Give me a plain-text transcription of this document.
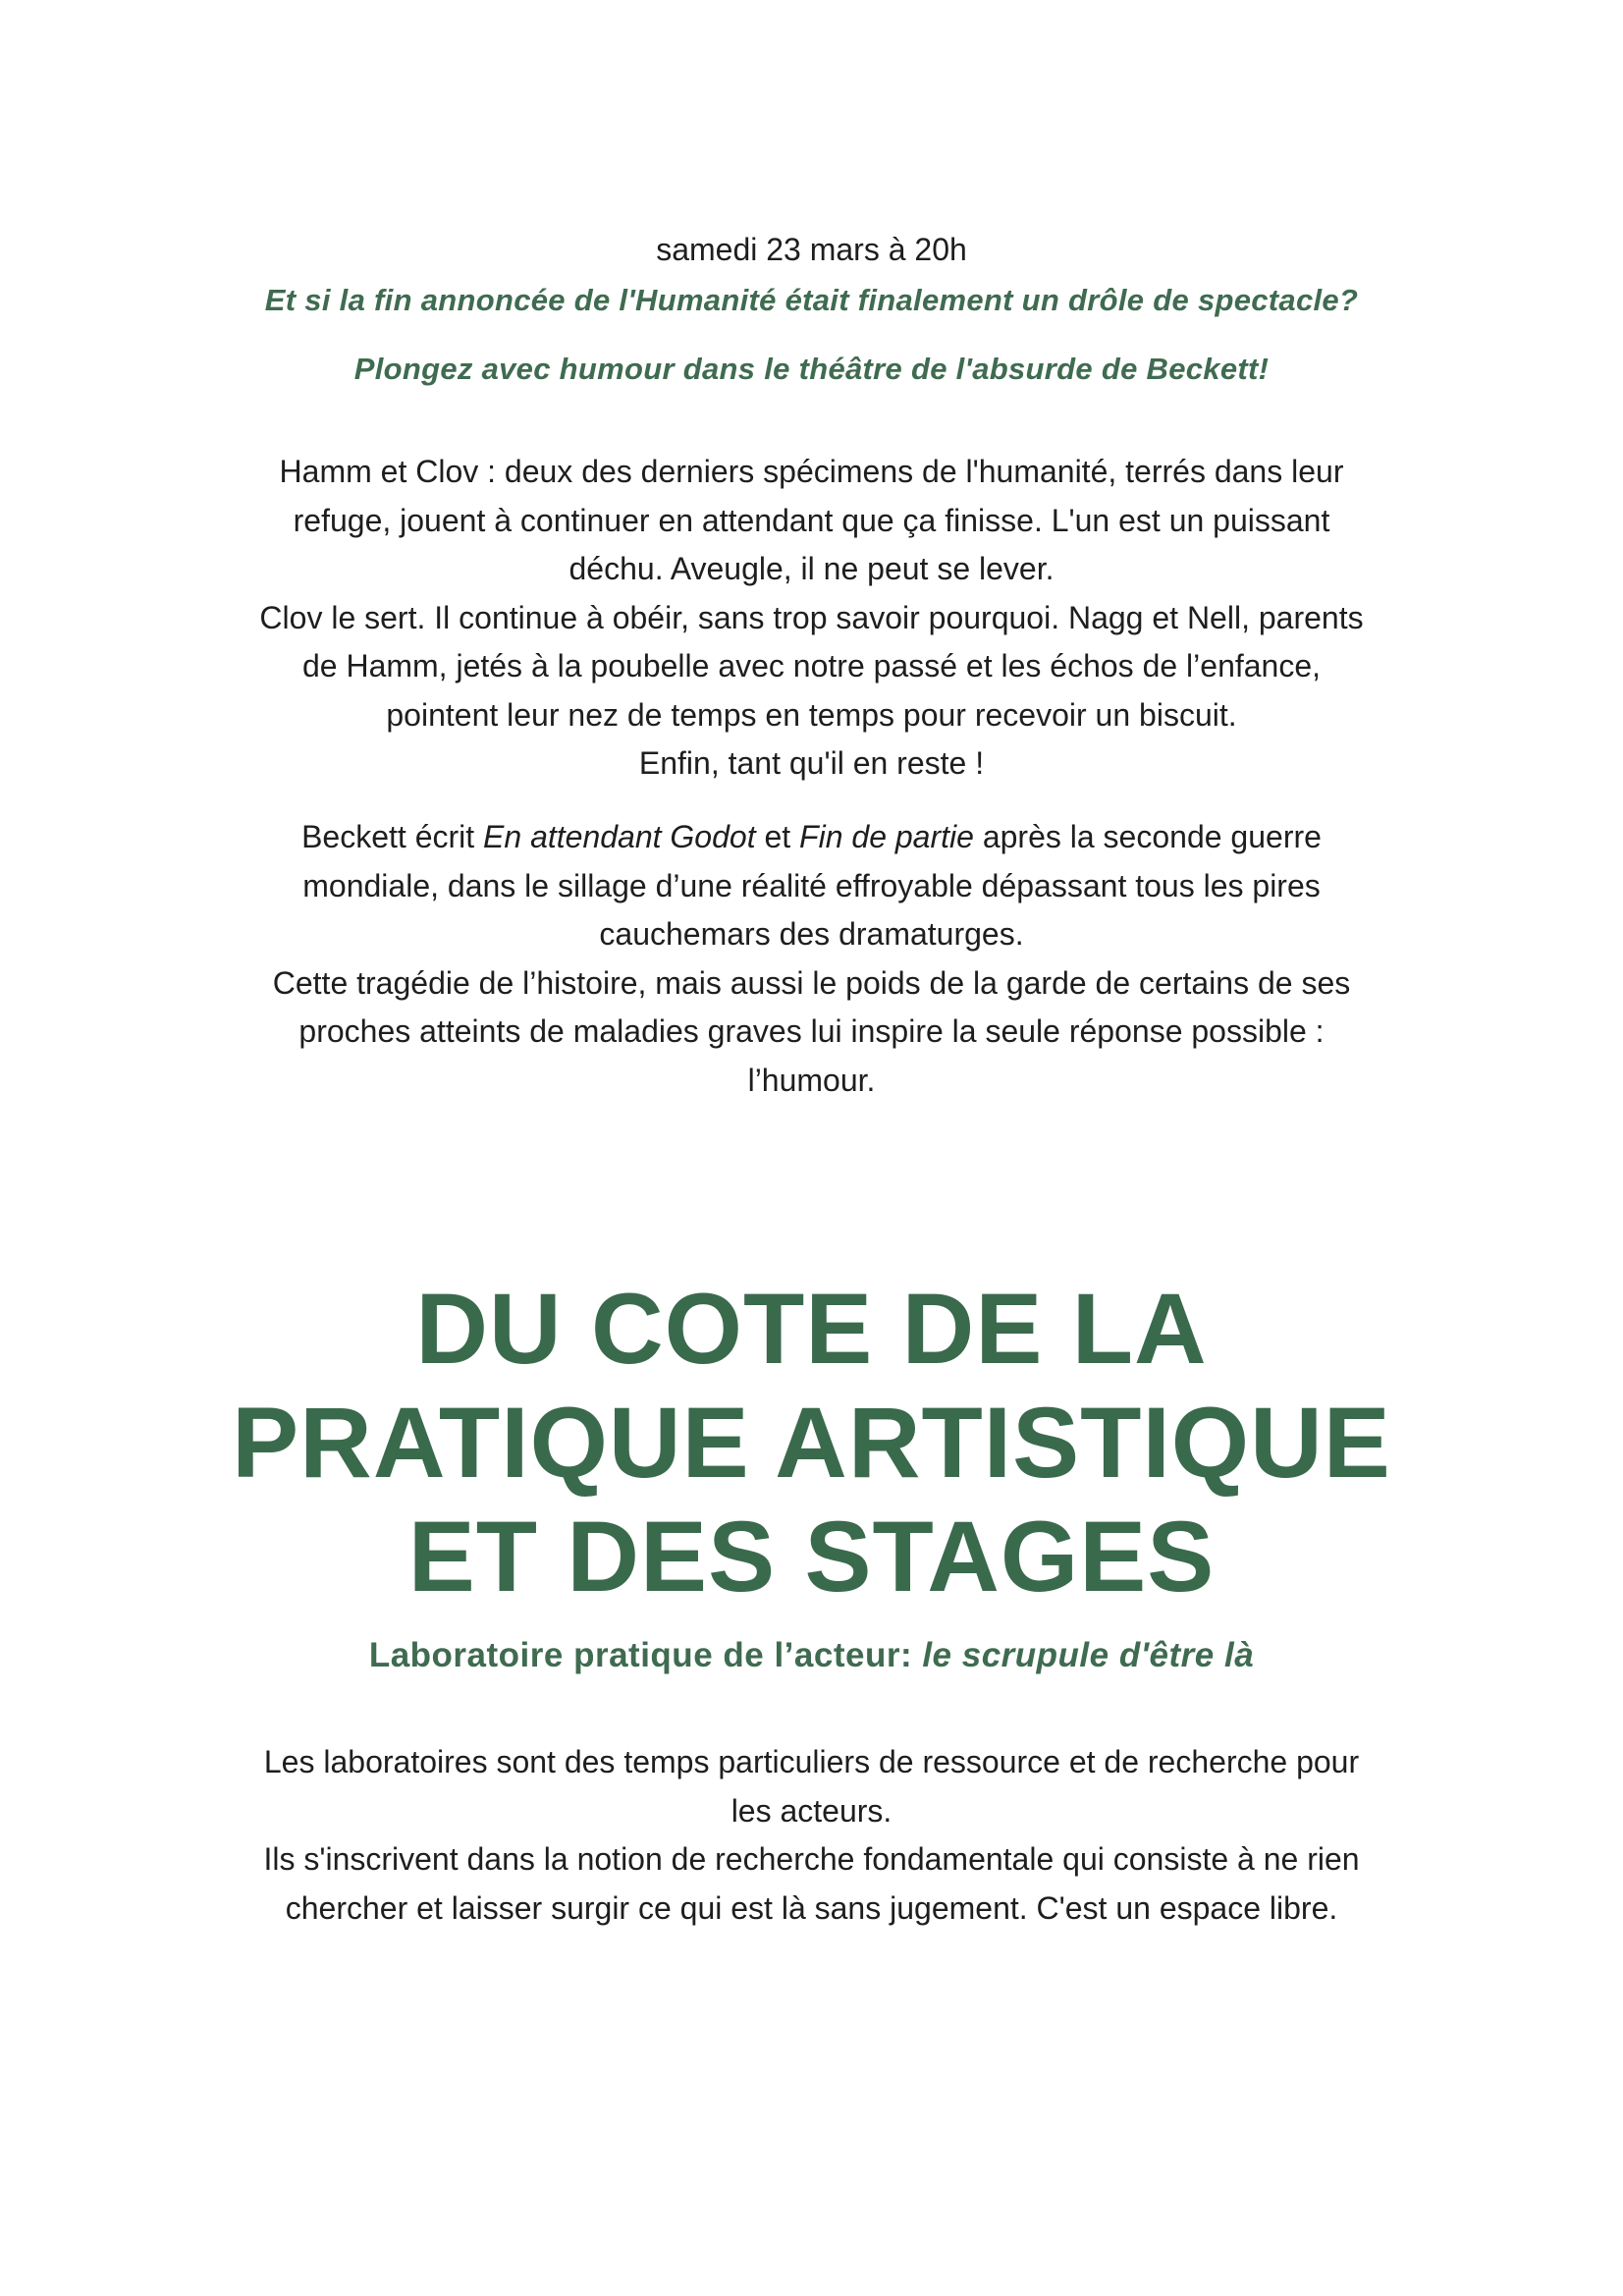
samedi 23 mars à 20h
Et si la fin annoncée de l'Humanité était finalement un drôle de spectacle?
Plongez avec humour dans le théâtre de l'absurde de Beckett!

Hamm et Clov : deux des derniers spécimens de l'humanité, terrés dans leur

refuge, jouent à continuer en attendant que ça finisse. L'un est un puissant

déchu. Aveugle, il ne peut se lever.

Clov le sert. Il continue à obéir, sans trop savoir pourquoi. Nagg et Nell, parents

de Hamm, jetés à la poubelle avec notre passé et les échos de l’enfance,

pointent leur nez de temps en temps pour recevoir un biscuit.

Enfin, tant qu'il en reste !

Beckett écrit En attendant Godot et Fin de partie après la seconde guerre

mondiale, dans le sillage d’une réalité effroyable dépassant tous les pires

cauchemars des dramaturges.

Cette tragédie de l’histoire, mais aussi le poids de la garde de certains de ses

proches atteints de maladies graves lui inspire la seule réponse possible :

l’humour.

DU COTE DE LA
PRATIQUE ARTISTIQUE
ET DES STAGES
Laboratoire pratique de l’acteur: le scrupule d'être là

Les laboratoires sont des temps particuliers de ressource et de recherche pour

les acteurs.

Ils s'inscrivent dans la notion de recherche fondamentale qui consiste à ne rien

chercher et laisser surgir ce qui est là sans jugement. C'est un espace libre.
